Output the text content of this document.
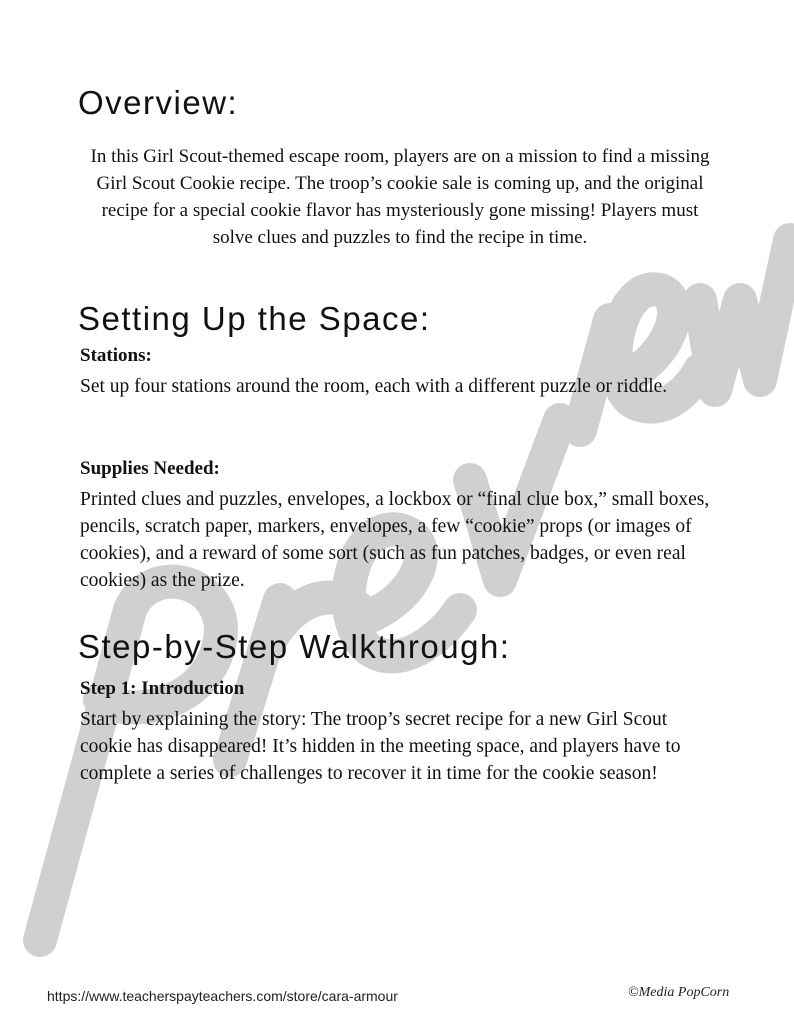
Overview:

In this Girl Scout-themed escape room, players are on a mission to find a missing Girl Scout Cookie recipe. The troop’s cookie sale is coming up, and the original recipe for a special cookie flavor has mysteriously gone missing! Players must solve clues and puzzles to find the recipe in time.

Setting Up the Space:

Stations:

Set up four stations around the room, each with a different puzzle or riddle.

Supplies Needed:

Printed clues and puzzles, envelopes, a lockbox or “final clue box,” small boxes, pencils, scratch paper, markers, envelopes, a few “cookie” props (or images of cookies), and a reward of some sort (such as fun patches, badges, or even real cookies) as the prize.

Step-by-Step Walkthrough:

Step 1: Introduction

Start by explaining the story: The troop’s secret recipe for a new Girl Scout cookie has disappeared! It’s hidden in the meeting space, and players have to complete a series of challenges to recover it in time for the cookie season!

https://www.teacherspayteachers.com/store/cara-armour	©Media PopCorn
